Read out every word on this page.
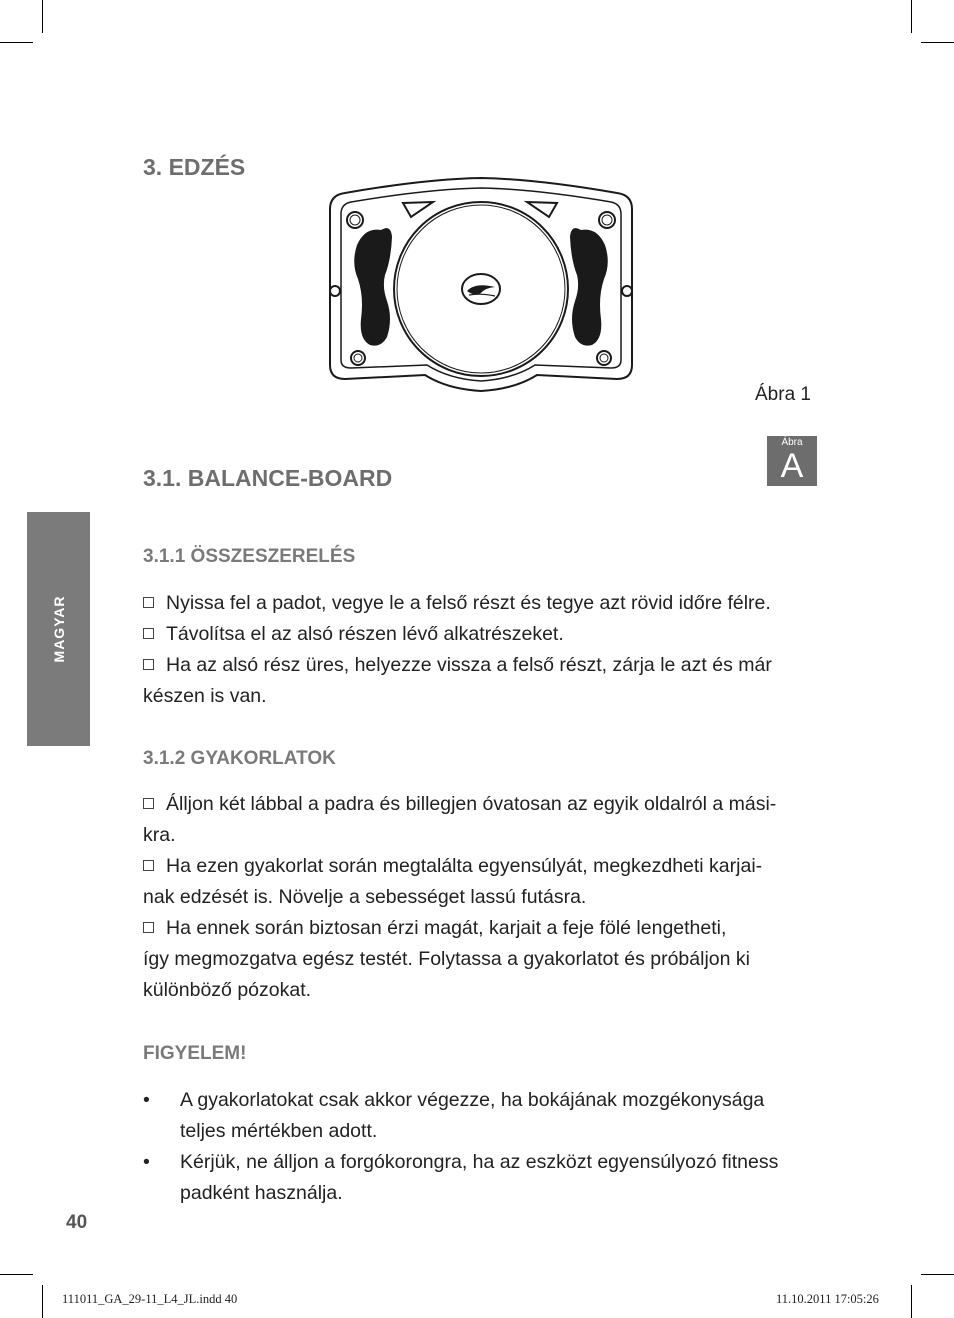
3. EDZÉS
Ábra 1
Ábra
A
3.1. BALANCE-BOARD
3.1.1 ÖSSZESZERELÉS
Nyissa fel a padot, vegye le a felső részt és tegye azt rövid időre félre.
Távolítsa el az alsó részen lévő alkatrészeket.
Ha az alsó rész üres, helyezze vissza a felső részt, zárja le azt és már
készen is van.
3.1.2 GYAKORLATOK
Álljon két lábbal a padra és billegjen óvatosan az egyik oldalról a mási-
kra.
Ha ezen gyakorlat során megtalálta egyensúlyát, megkezdheti karjai-
nak edzését is. Növelje a sebességet lassú futásra.
Ha ennek során biztosan érzi magát, karjait a feje fölé lengetheti,
így megmozgatva egész testét. Folytassa a gyakorlatot és próbáljon ki
különböző pózokat.
FIGYELEM!
• A gyakorlatokat csak akkor végezze, ha bokájának mozgékonysága
teljes mértékben adott.
• Kérjük, ne álljon a forgókorongra, ha az eszközt egyensúlyozó fitness
padként használja.
MAGYAR
40
111011_GA_29-11_L4_JL.indd 40	11.10.2011 17:05:26
